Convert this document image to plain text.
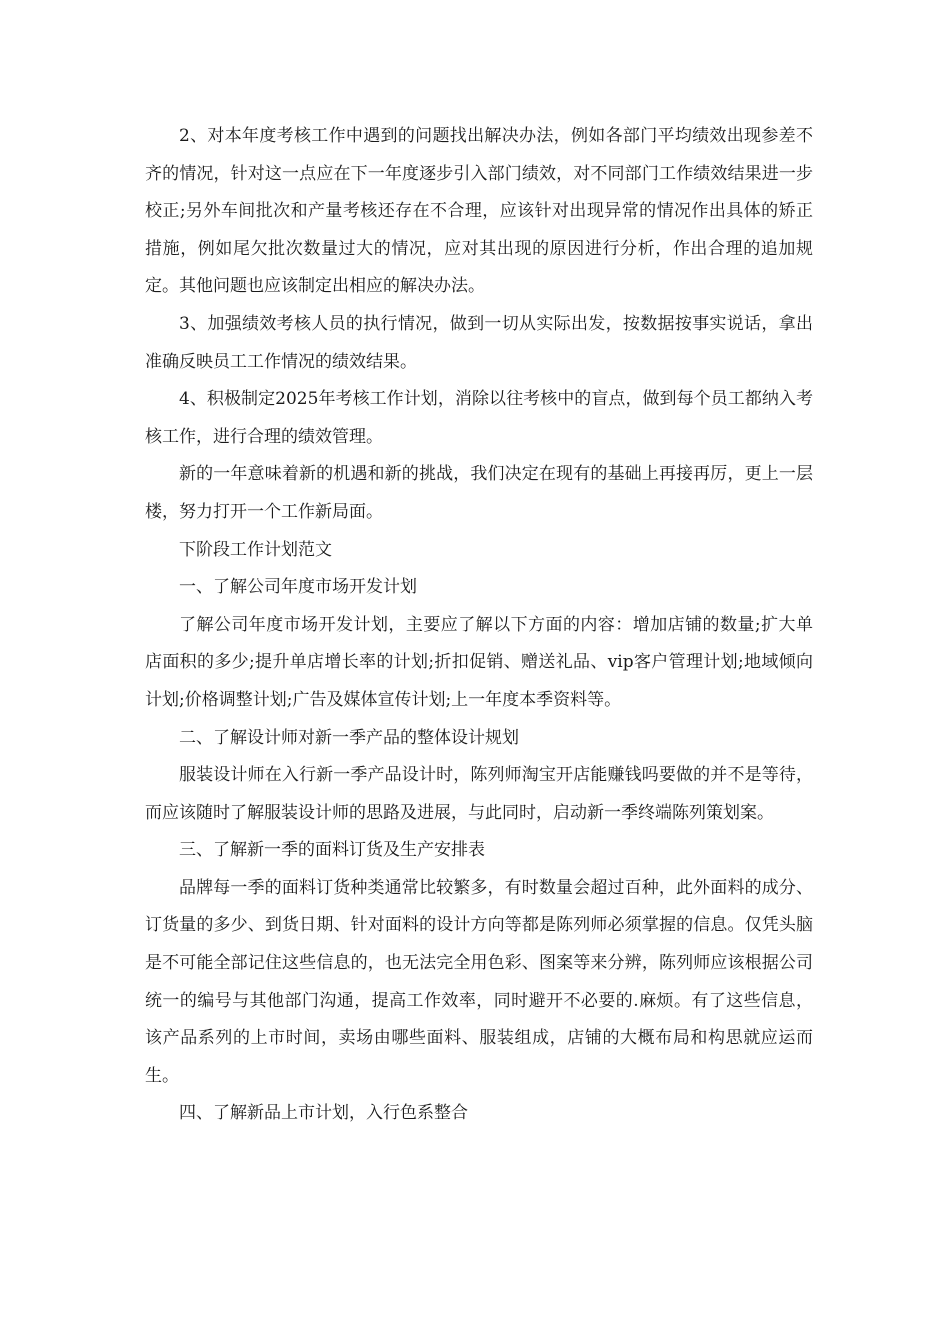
2、对本年度考核工作中遇到的问题找出解决办法，例如各部门平均绩效出现参差不齐的情况，针对这一点应在下一年度逐步引入部门绩效，对不同部门工作绩效结果进一步校正;另外车间批次和产量考核还存在不合理，应该针对出现异常的情况作出具体的矫正措施，例如尾欠批次数量过大的情况，应对其出现的原因进行分析，作出合理的追加规定。其他问题也应该制定出相应的解决办法。

3、加强绩效考核人员的执行情况，做到一切从实际出发，按数据按事实说话，拿出准确反映员工工作情况的绩效结果。

4、积极制定2025年考核工作计划，消除以往考核中的盲点，做到每个员工都纳入考核工作，进行合理的绩效管理。

新的一年意味着新的机遇和新的挑战，我们决定在现有的基础上再接再厉，更上一层楼，努力打开一个工作新局面。

下阶段工作计划范文

一、了解公司年度市场开发计划

了解公司年度市场开发计划，主要应了解以下方面的内容：增加店铺的数量;扩大单店面积的多少;提升单店增长率的计划;折扣促销、赠送礼品、vip客户管理计划;地域倾向计划;价格调整计划;广告及媒体宣传计划;上一年度本季资料等。

二、了解设计师对新一季产品的整体设计规划

服装设计师在入行新一季产品设计时，陈列师淘宝开店能赚钱吗要做的并不是等待，而应该随时了解服装设计师的思路及进展，与此同时，启动新一季终端陈列策划案。

三、了解新一季的面料订货及生产安排表

品牌每一季的面料订货种类通常比较繁多，有时数量会超过百种，此外面料的成分、订货量的多少、到货日期、针对面料的设计方向等都是陈列师必须掌握的信息。仅凭头脑是不可能全部记住这些信息的，也无法完全用色彩、图案等来分辨，陈列师应该根据公司统一的编号与其他部门沟通，提高工作效率，同时避开不必要的.麻烦。有了这些信息，该产品系列的上市时间，卖场由哪些面料、服装组成，店铺的大概布局和构思就应运而生。

四、了解新品上市计划，入行色系整合
